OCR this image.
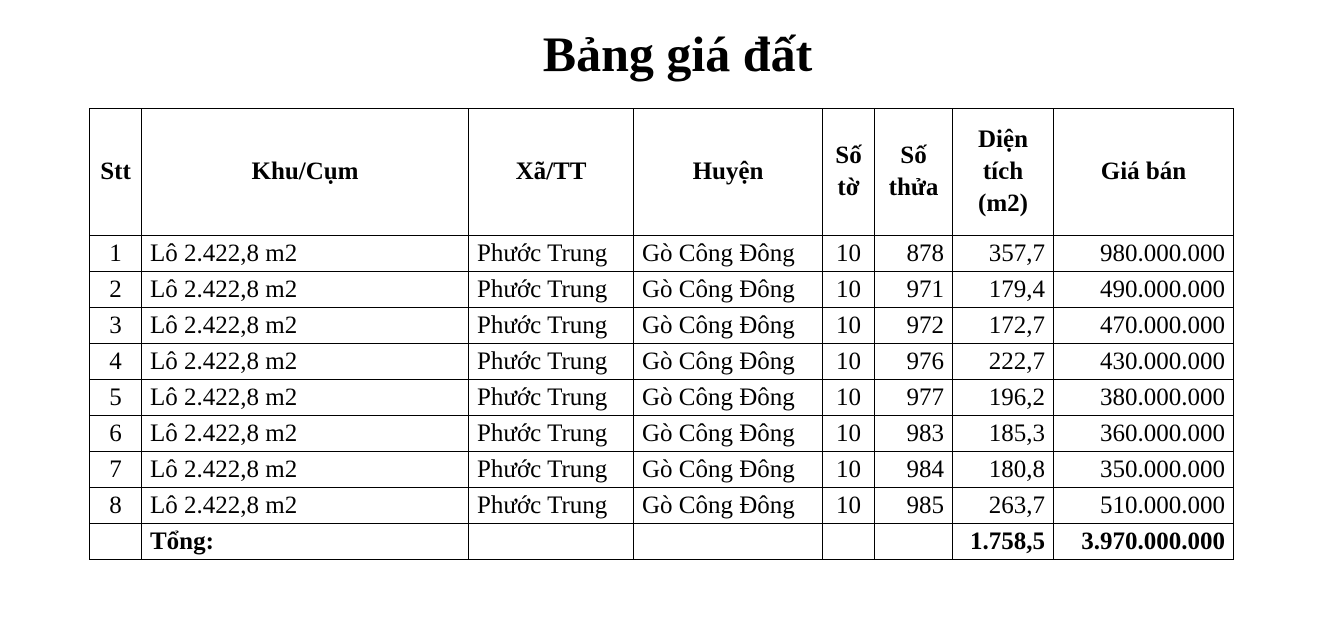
Bảng giá đất
Stt	Khu/Cụm	Xã/TT	Huyện	Số tờ	Số thửa	Diện tích (m2)	Giá bán
1	Lô 2.422,8 m2	Phước Trung	Gò Công Đông	10	878	357,7	980.000.000
2	Lô 2.422,8 m2	Phước Trung	Gò Công Đông	10	971	179,4	490.000.000
3	Lô 2.422,8 m2	Phước Trung	Gò Công Đông	10	972	172,7	470.000.000
4	Lô 2.422,8 m2	Phước Trung	Gò Công Đông	10	976	222,7	430.000.000
5	Lô 2.422,8 m2	Phước Trung	Gò Công Đông	10	977	196,2	380.000.000
6	Lô 2.422,8 m2	Phước Trung	Gò Công Đông	10	983	185,3	360.000.000
7	Lô 2.422,8 m2	Phước Trung	Gò Công Đông	10	984	180,8	350.000.000
8	Lô 2.422,8 m2	Phước Trung	Gò Công Đông	10	985	263,7	510.000.000
	Tổng:					1.758,5	3.970.000.000
